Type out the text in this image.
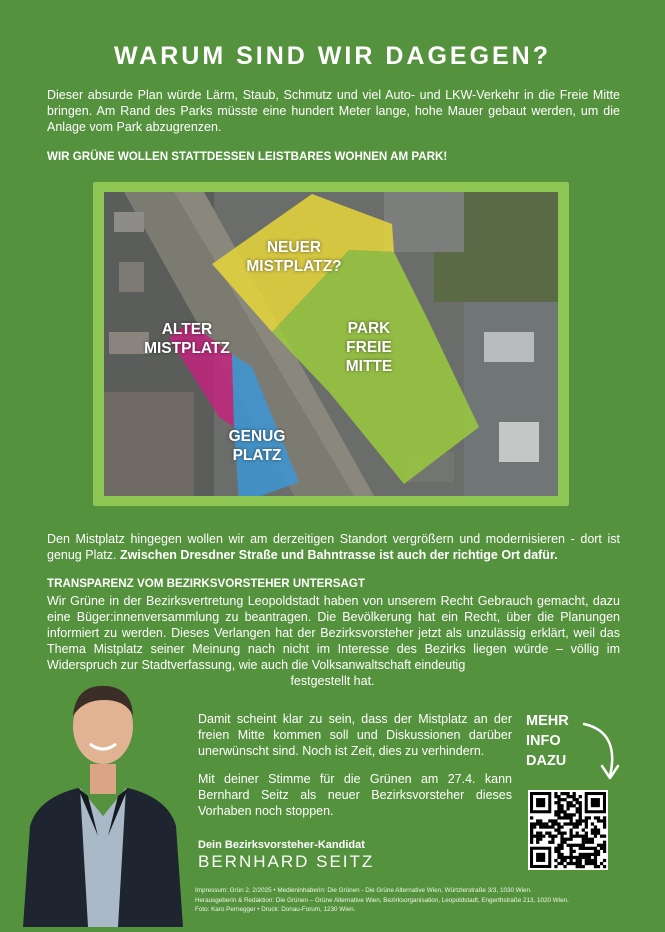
WARUM SIND WIR DAGEGEN?
Dieser absurde Plan würde Lärm, Staub, Schmutz und viel Auto- und LKW-Verkehr in die Freie Mitte bringen. Am Rand des Parks müsste eine hundert Meter lange, hohe Mauer gebaut werden, um die Anlage vom Park abzugrenzen.
WIR GRÜNE WOLLEN STATTDESSEN LEISTBARES WOHNEN AM PARK!
NEUER
MISTPLATZ?
ALTER
MISTPLATZ
PARK
FREIE
MITTE
GENUG
PLATZ
Den Mistplatz hingegen wollen wir am derzeitigen Standort vergrößern und modernisieren - dort ist genug Platz. Zwischen Dresdner Straße und Bahntrasse ist auch der richtige Ort dafür.
TRANSPARENZ VOM BEZIRKSVORSTEHER UNTERSAGT
Wir Grüne in der Bezirksvertretung Leopoldstadt haben von unserem Recht Gebrauch gemacht, dazu eine Büger:innenversammlung zu beantragen. Die Bevölkerung hat ein Recht, über die Planungen informiert zu werden. Dieses Verlangen hat der Bezirksvorsteher jetzt als unzulässig erklärt, weil das Thema Mistplatz seiner Meinung nach nicht im Interesse des Bezirks liegen würde – völlig im Widerspruch zur Stadtverfassung, wie auch die Volksanwaltschaft eindeutig
festgestellt hat.
Damit scheint klar zu sein, dass der Mistplatz an der freien Mitte kommen soll und Diskussionen darüber unerwünscht sind. Noch ist Zeit, dies zu verhindern.
Mit deiner Stimme für die Grünen am 27.4. kann Bernhard Seitz als neuer Bezirksvorsteher dieses Vorhaben noch stoppen.
Dein Bezirksvorsteher-Kandidat
BERNHARD SEITZ
Impressum: Grün 2, 2/2025 • Medieninhaberin: Die Grünen - Die Grüne Alternative Wien, Würtzlerstraße 3/3, 1030 Wien.
Herausgeberin & Redaktion: Die Grünen – Grüne Alternative Wien, Bezirksorganisation, Leopoldstadt, Engerthstraße 213, 1020 Wien.
Foto: Karo Pernegger • Druck: Donau-Forum, 1230 Wien.
MEHR
INFO
DAZU
